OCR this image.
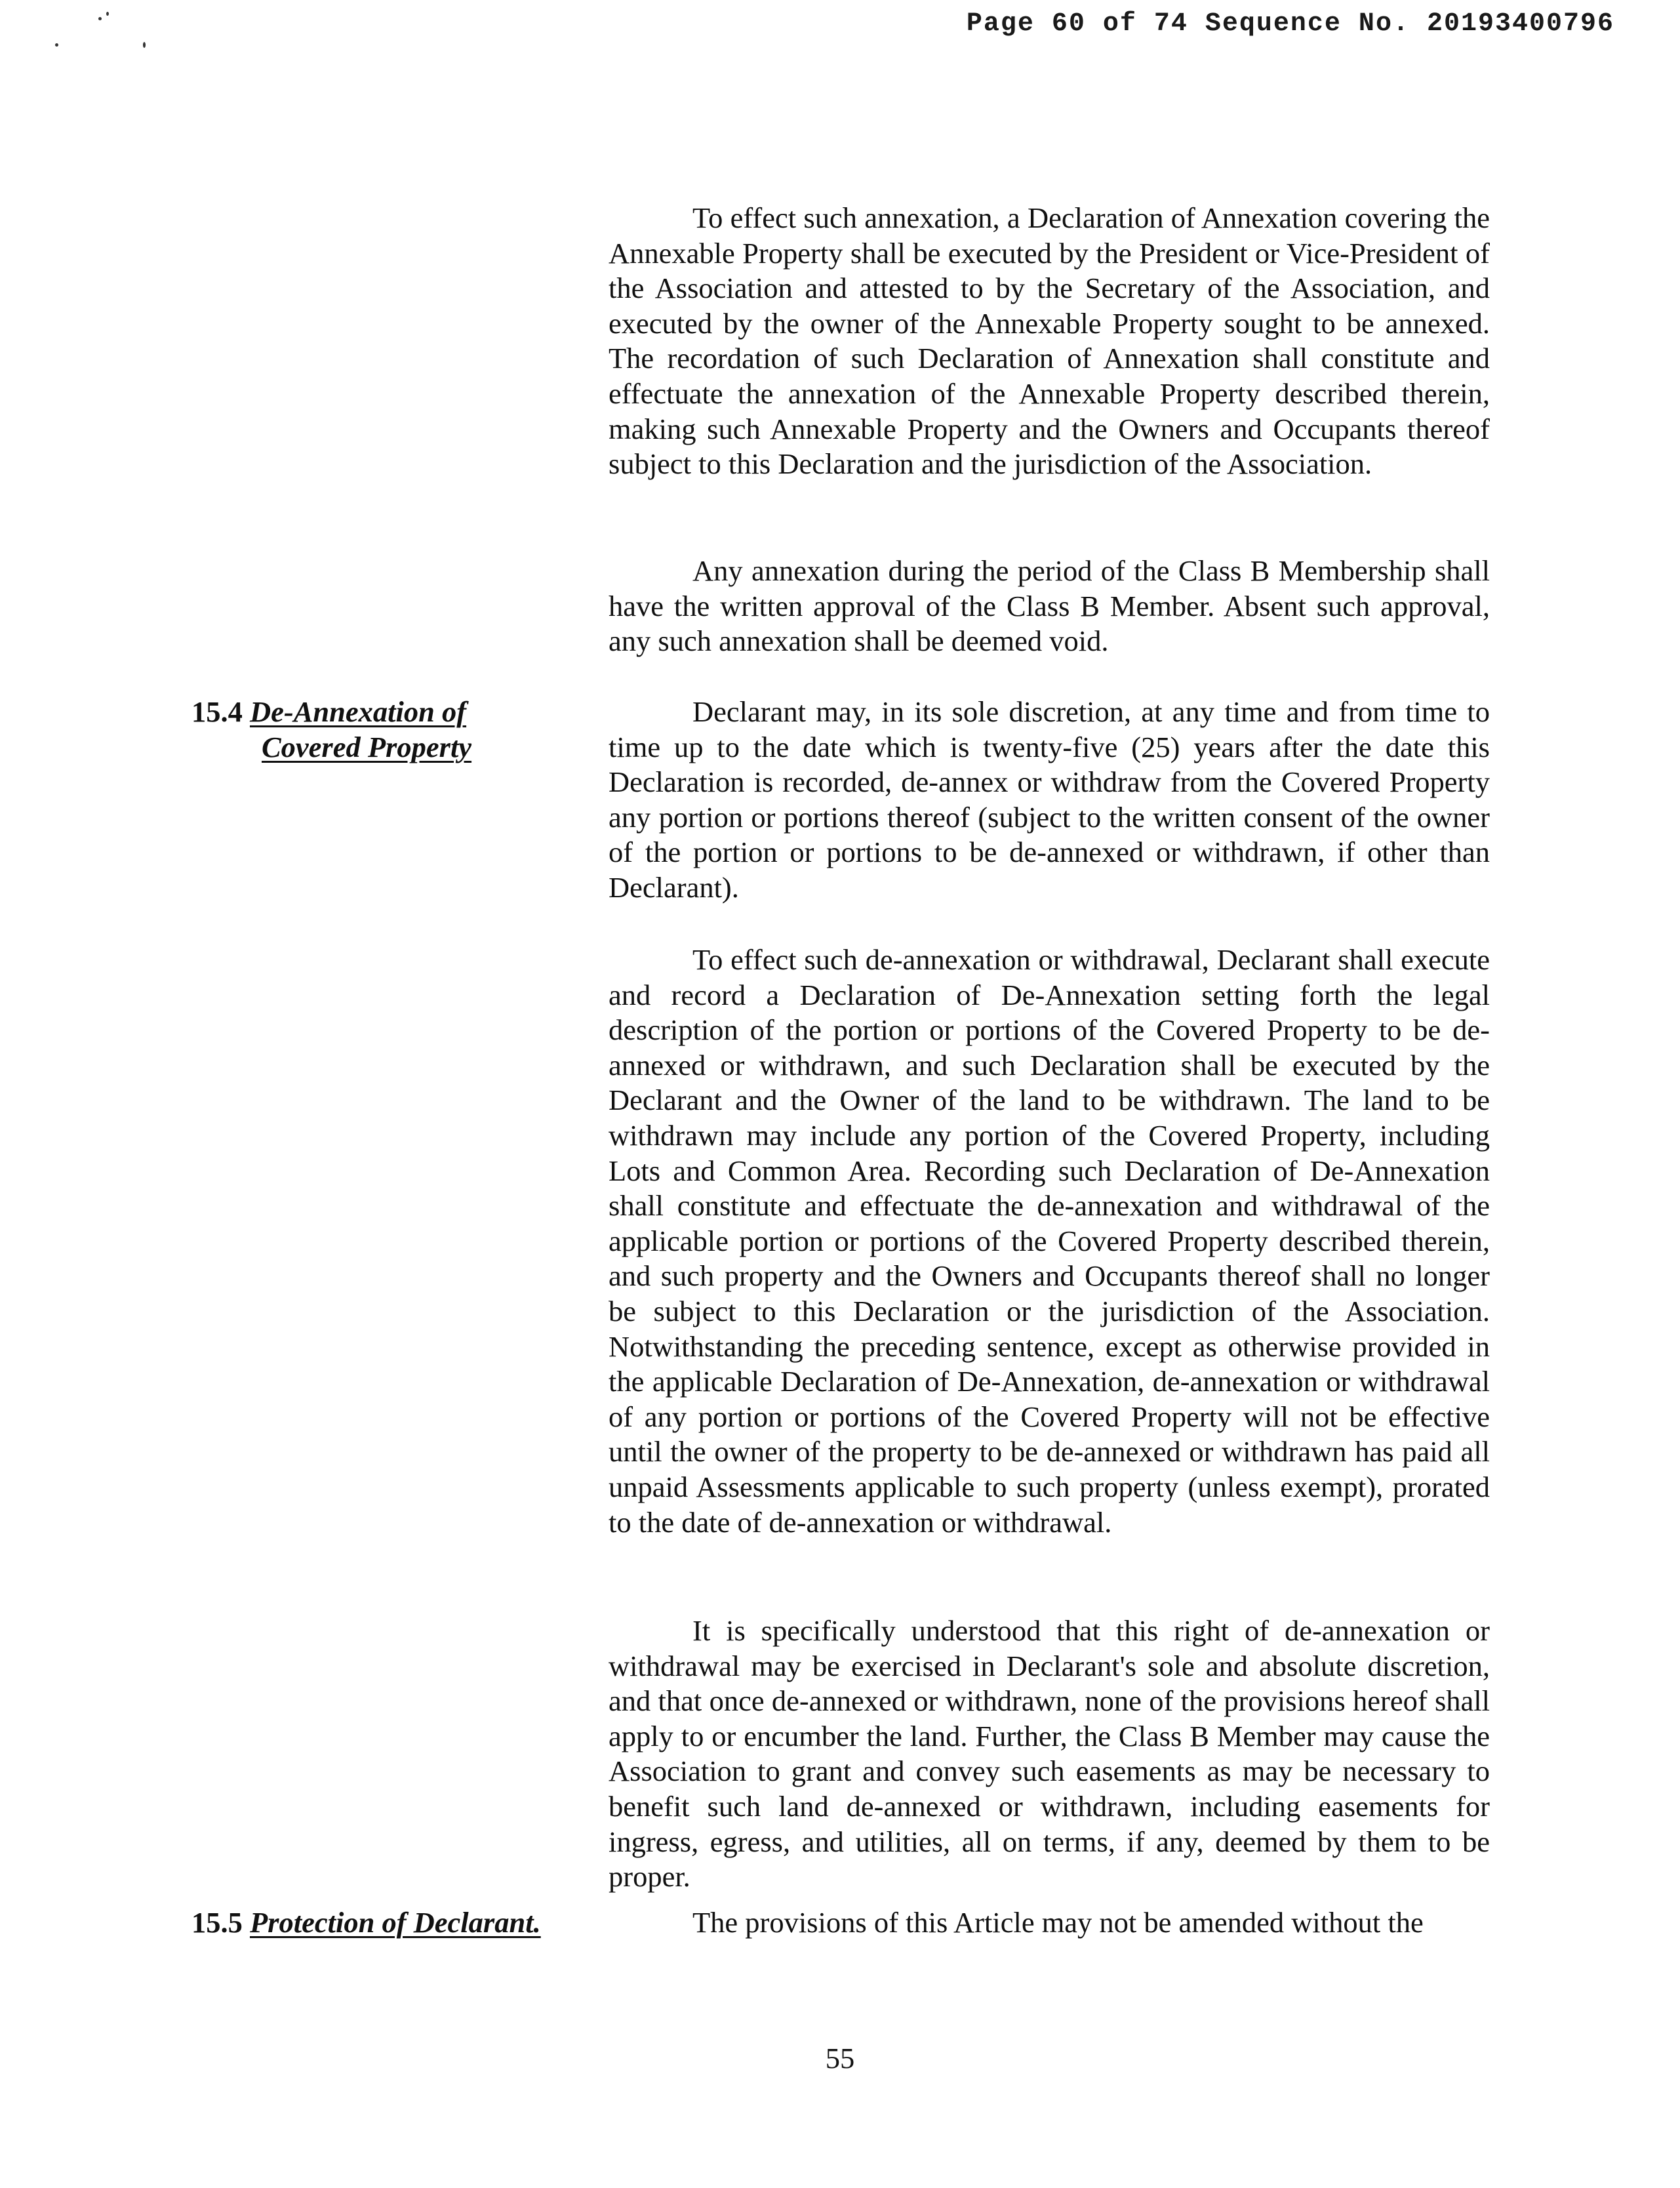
Page 60 of 74 Sequence No. 20193400796

To effect such annexation, a Declaration of Annexation covering the Annexable Property shall be executed by the President or Vice-President of the Association and attested to by the Secretary of the Association, and executed by the owner of the Annexable Property sought to be annexed. The recordation of such Declaration of Annexation shall constitute and effectuate the annexation of the Annexable Property described therein, making such Annexable Property and the Owners and Occupants thereof subject to this Declaration and the jurisdiction of the Association.

Any annexation during the period of the Class B Membership shall have the written approval of the Class B Member. Absent such approval, any such annexation shall be deemed void.

15.4 De-Annexation of
Covered Property

Declarant may, in its sole discretion, at any time and from time to time up to the date which is twenty-five (25) years after the date this Declaration is recorded, de-annex or withdraw from the Covered Property any portion or portions thereof (subject to the written consent of the owner of the portion or portions to be de-annexed or withdrawn, if other than Declarant).

To effect such de-annexation or withdrawal, Declarant shall execute and record a Declaration of De-Annexation setting forth the legal description of the portion or portions of the Covered Property to be de-annexed or withdrawn, and such Declaration shall be executed by the Declarant and the Owner of the land to be withdrawn. The land to be withdrawn may include any portion of the Covered Property, including Lots and Common Area. Recording such Declaration of De-Annexation shall constitute and effectuate the de-annexation and withdrawal of the applicable portion or portions of the Covered Property described therein, and such property and the Owners and Occupants thereof shall no longer be subject to this Declaration or the jurisdiction of the Association. Notwithstanding the preceding sentence, except as otherwise provided in the applicable Declaration of De-Annexation, de-annexation or withdrawal of any portion or portions of the Covered Property will not be effective until the owner of the property to be de-annexed or withdrawn has paid all unpaid Assessments applicable to such property (unless exempt), prorated to the date of de-annexation or withdrawal.

It is specifically understood that this right of de-annexation or withdrawal may be exercised in Declarant's sole and absolute discretion, and that once de-annexed or withdrawn, none of the provisions hereof shall apply to or encumber the land. Further, the Class B Member may cause the Association to grant and convey such easements as may be necessary to benefit such land de-annexed or withdrawn, including easements for ingress, egress, and utilities, all on terms, if any, deemed by them to be proper.

15.5 Protection of Declarant.	The provisions of this Article may not be amended without the

55
